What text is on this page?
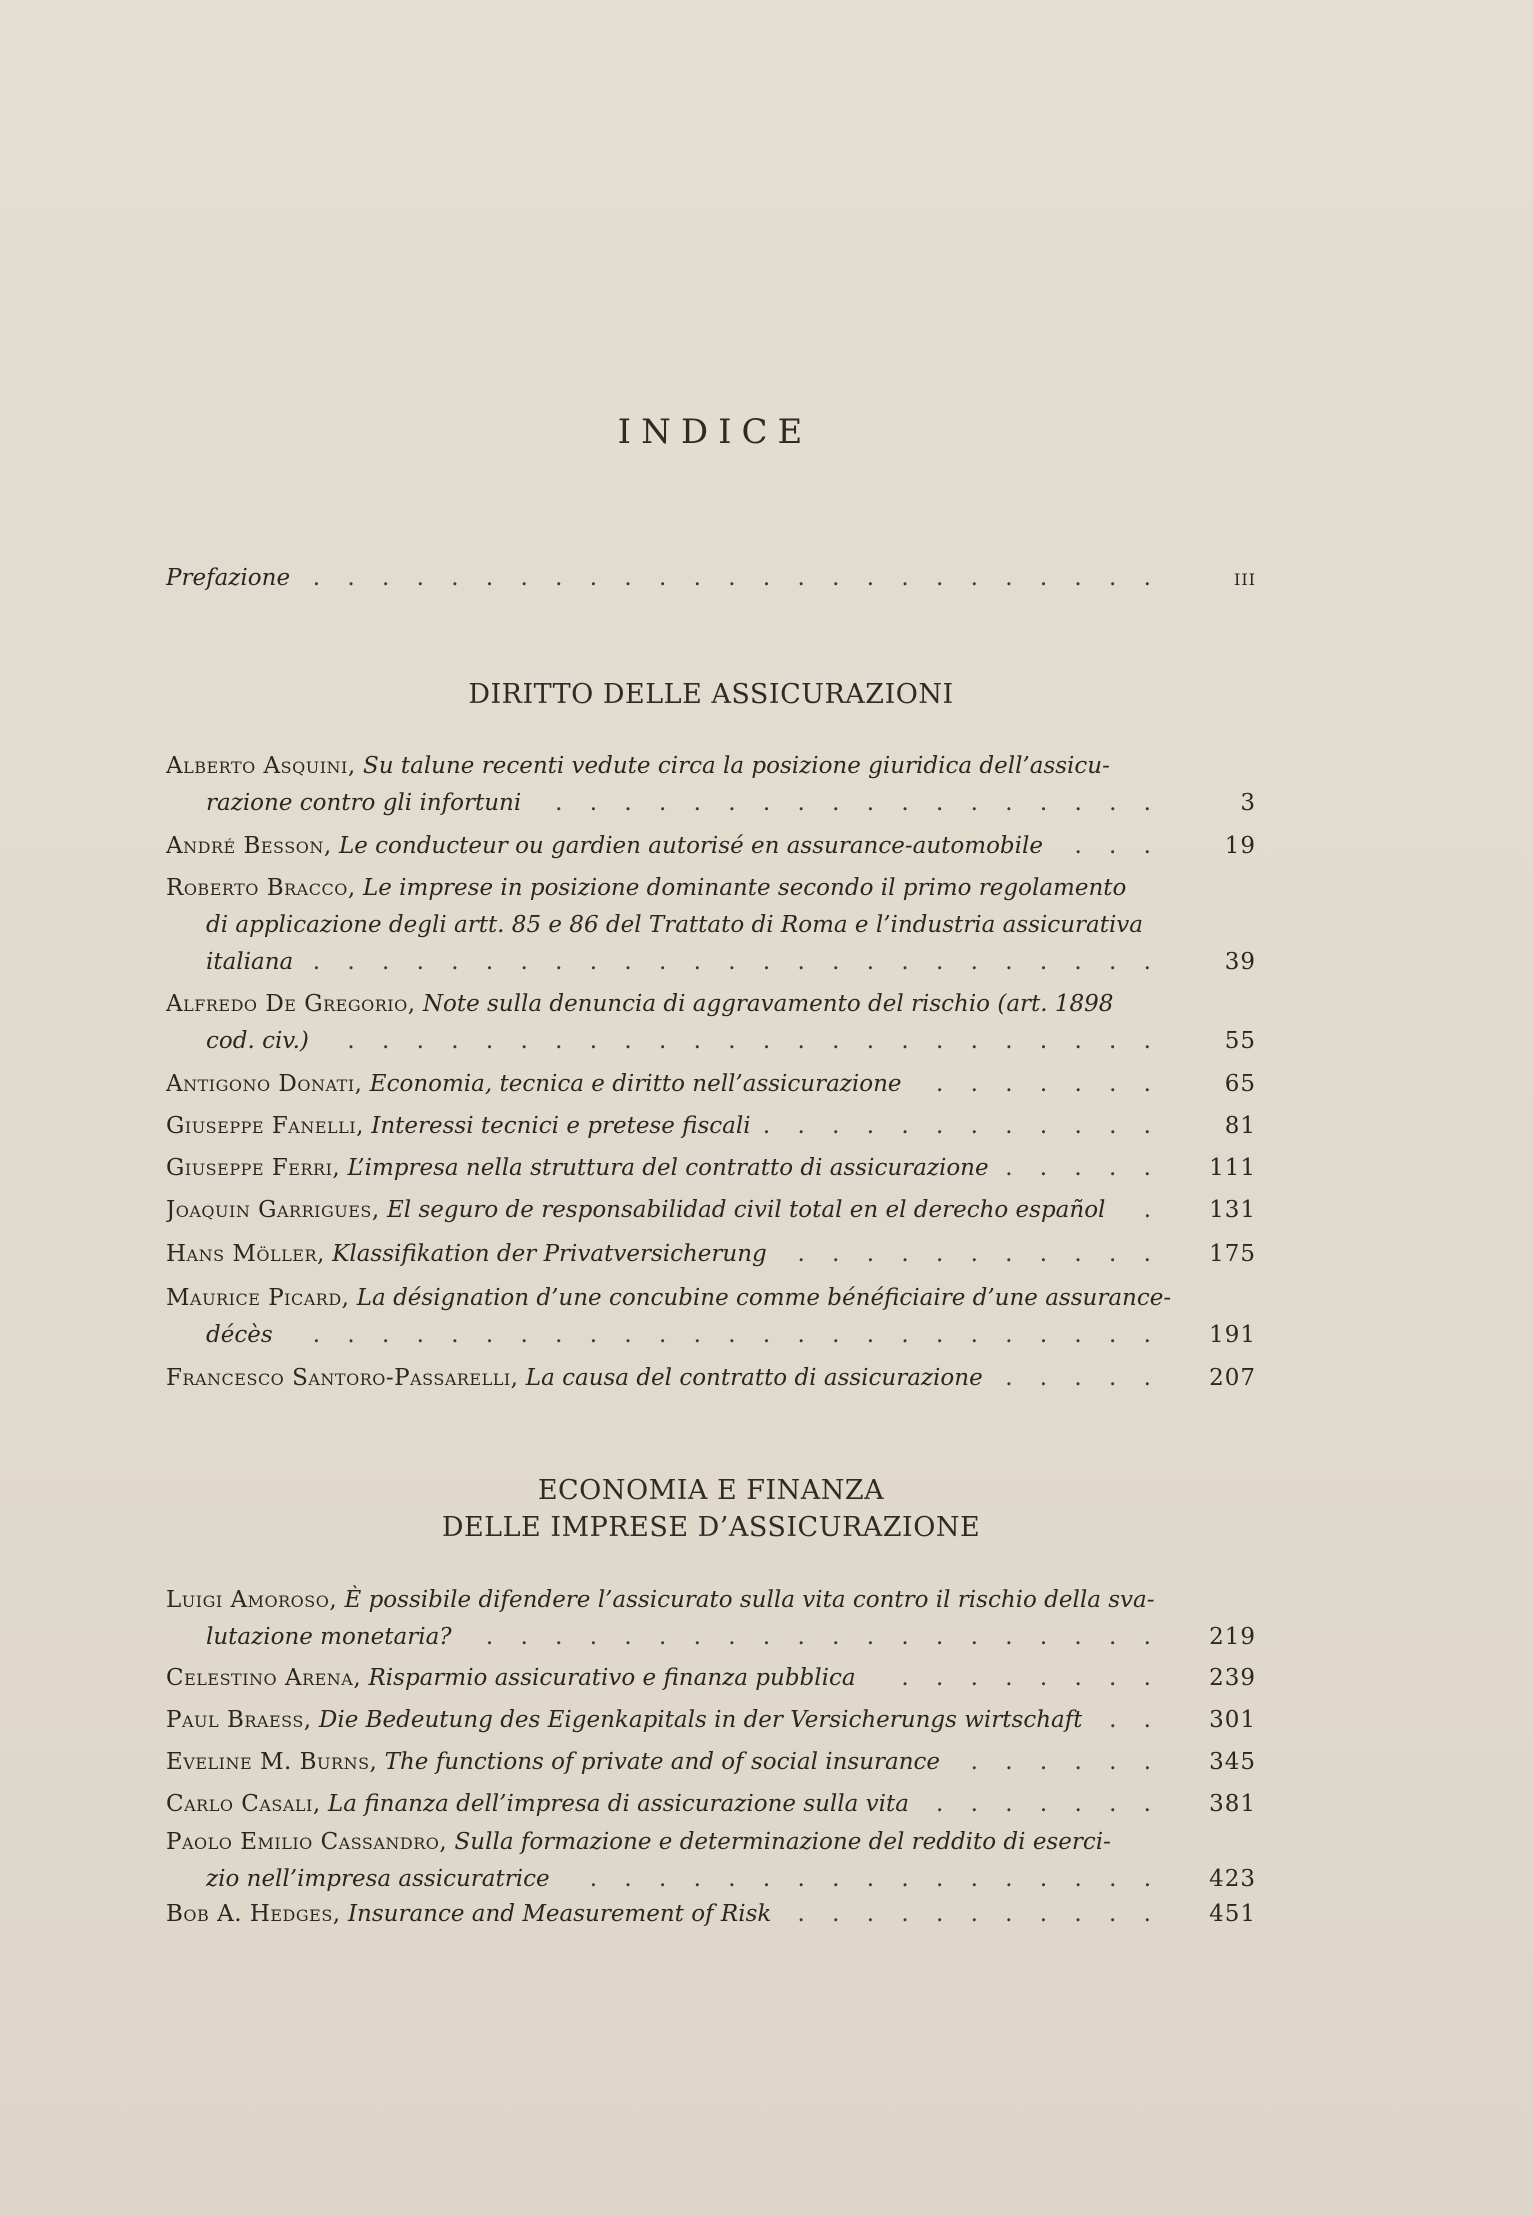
INDICE
Prefazione . . . . . . . . . . . . . . . . . . . . . . . . .	iii
DIRITTO DELLE ASSICURAZIONI
Alberto Asquini, Su talune recenti vedute circa la posizione giuridica dell’assicu-
razione contro gli infortuni . . . . . . . . . . . . . . . . . .	3
André Besson, Le conducteur ou gardien autorisé en assurance-automobile . . .	19
Roberto Bracco, Le imprese in posizione dominante secondo il primo regolamento
di applicazione degli artt. 85 e 86 del Trattato di Roma e l’industria assicurativa
italiana . . . . . . . . . . . . . . . . . . . . . . . . .	39
Alfredo De Gregorio, Note sulla denuncia di aggravamento del rischio (art. 1898
cod. civ.) . . . . . . . . . . . . . . . . . . . . . . . .	55
Antigono Donati, Economia, tecnica e diritto nell’assicurazione . . . . . . .	65
Giuseppe Fanelli, Interessi tecnici e pretese fiscali . . . . . . . . . . . .	81
Giuseppe Ferri, L’impresa nella struttura del contratto di assicurazione . . . . .	111
Joaquin Garrigues, El seguro de responsabilidad civil total en el derecho español .	131
Hans Möller, Klassifikation der Privatversicherung . . . . . . . . . . .	175
Maurice Picard, La désignation d’une concubine comme bénéficiaire d’une assurance-
décès . . . . . . . . . . . . . . . . . . . . . . . . .	191
Francesco Santoro-Passarelli, La causa del contratto di assicurazione . . . . .	207
ECONOMIA E FINANZA
DELLE IMPRESE D’ASSICURAZIONE
Luigi Amoroso, È possibile difendere l’assicurato sulla vita contro il rischio della sva-
lutazione monetaria? . . . . . . . . . . . . . . . . . . . .	219
Celestino Arena, Risparmio assicurativo e finanza pubblica . . . . . . . .	239
Paul Braess, Die Bedeutung des Eigenkapitals in der Versicherungs wirtschaft . .	301
Eveline M. Burns, The functions of private and of social insurance . . . . . .	345
Carlo Casali, La finanza dell’impresa di assicurazione sulla vita . . . . . . .	381
Paolo Emilio Cassandro, Sulla formazione e determinazione del reddito di eserci-
zio nell’impresa assicuratrice . . . . . . . . . . . . . . . . .	423
Bob A. Hedges, Insurance and Measurement of Risk . . . . . . . . . . .	451
